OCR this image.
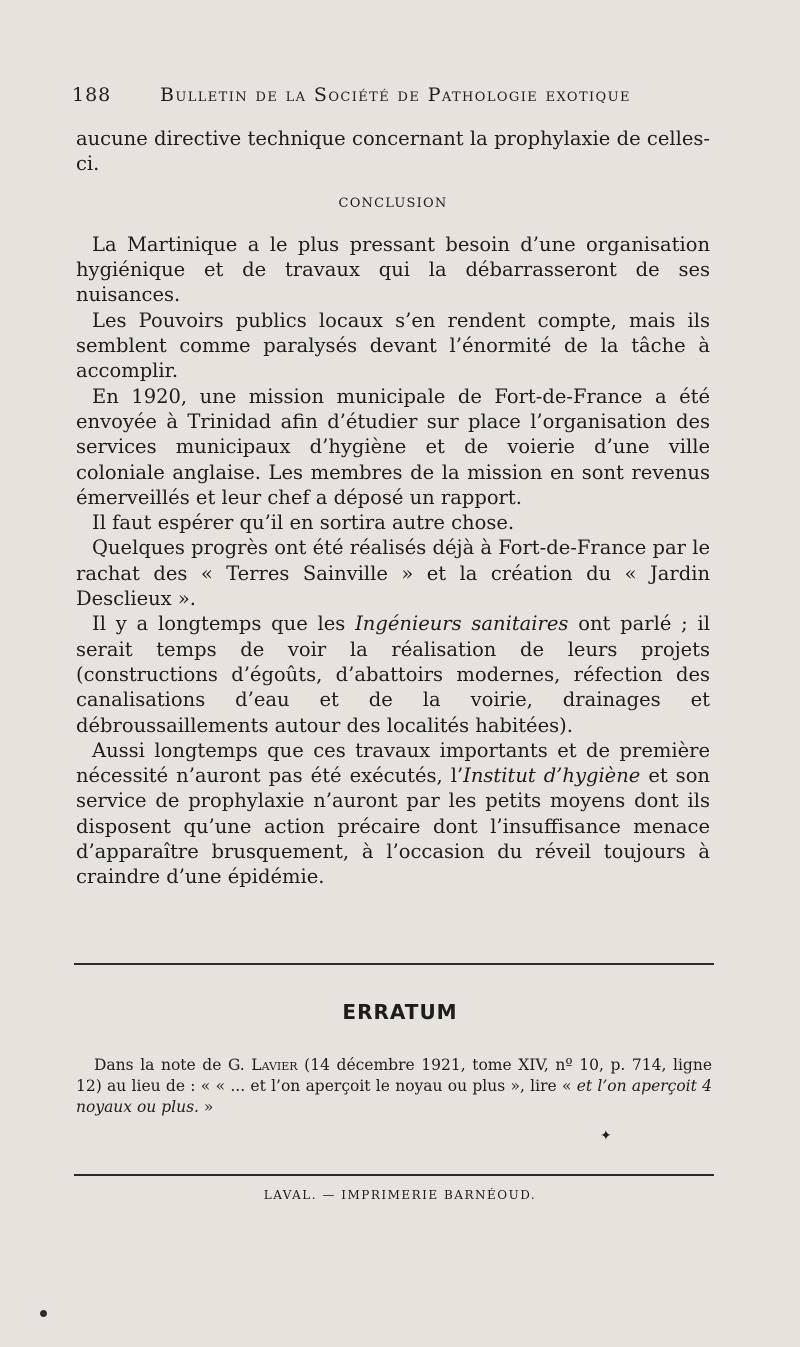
188	Bulletin de la Société de Pathologie exotique

aucune directive technique concernant la prophylaxie de celles-ci.

CONCLUSION

La Martinique a le plus pressant besoin d’une organisation hygiénique et de travaux qui la débarrasseront de ses nuisances.

Les Pouvoirs publics locaux s’en rendent compte, mais ils semblent comme paralysés devant l’énormité de la tâche à accomplir.

En 1920, une mission municipale de Fort-de-France a été envoyée à Trinidad afin d’étudier sur place l’organisation des services municipaux d’hygiène et de voierie d’une ville coloniale anglaise. Les membres de la mission en sont revenus émerveillés et leur chef a déposé un rapport.

Il faut espérer qu’il en sortira autre chose.

Quelques progrès ont été réalisés déjà à Fort-de-France par le rachat des « Terres Sainville » et la création du « Jardin Desclieux ».

Il y a longtemps que les Ingénieurs sanitaires ont parlé ; il serait temps de voir la réalisation de leurs projets (constructions d’égoûts, d’abattoirs modernes, réfection des canalisations d’eau et de la voirie, drainages et débroussaillements autour des localités habitées).

Aussi longtemps que ces travaux importants et de première nécessité n’auront pas été exécutés, l’Institut d’hygiène et son service de prophylaxie n’auront par les petits moyens dont ils disposent qu’une action précaire dont l’insuffisance menace d’apparaître brusquement, à l’occasion du réveil toujours à craindre d’une épidémie.

ERRATUM
Dans la note de G. Lavier (14 décembre 1921, tome XIV, nº 10, p. 714, ligne 12) au lieu de : « « ... et l’on aperçoit le noyau ou plus », lire « et l’on aperçoit 4 noyaux ou plus. »
✦
LAVAL. — IMPRIMERIE BARNÉOUD.
